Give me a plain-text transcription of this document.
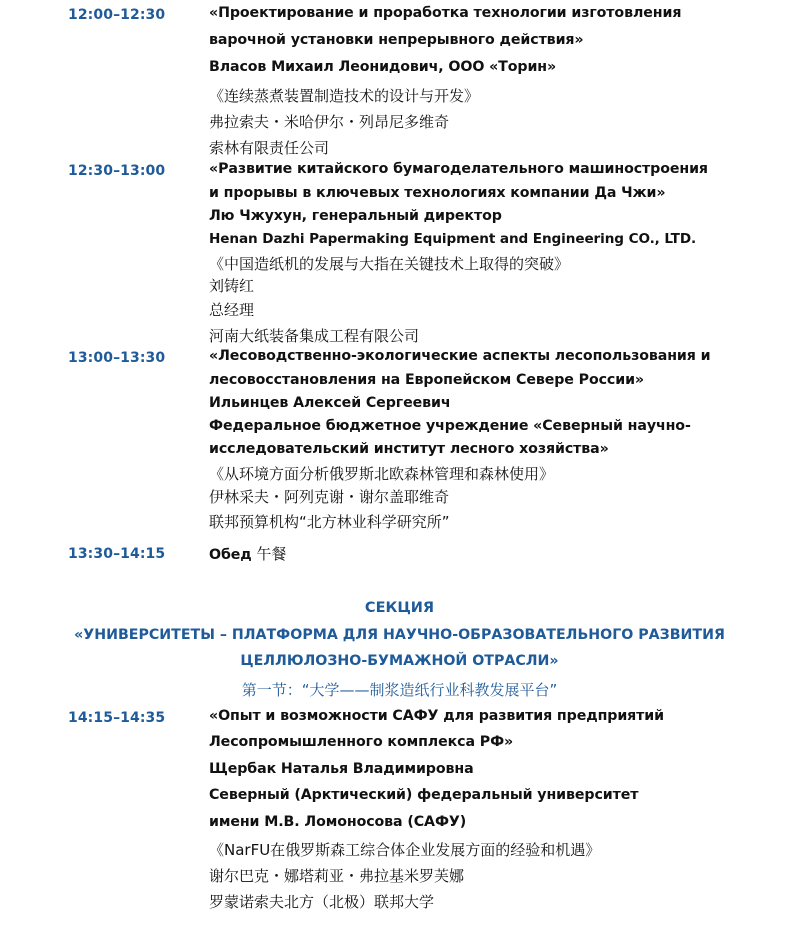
12:00–12:30	«Проектирование и проработка технологии изготовления
варочной установки непрерывного действия»
Власов Михаил Леонидович, ООО «Торин»
《连续蒸煮装置制造技术的设计与开发》
弗拉索夫・米哈伊尔・列昂尼多维奇
索林有限责任公司
12:30–13:00	«Развитие китайского бумагоделательного машиностроения
и прорывы в ключевых технологиях компании Да Чжи»
Лю Чжухун, генеральный директор
Henan Dazhi Papermaking Equipment and Engineering CO., LTD.
《中国造纸机的发展与大指在关键技术上取得的突破》
刘铸红
总经理
河南大纸装备集成工程有限公司
13:00–13:30	«Лесоводственно-экологические аспекты лесопользования и
лесовосстановления на Европейском Севере России»
Ильинцев Алексей Сергеевич
Федеральное бюджетное учреждение «Северный научно-
исследовательский институт лесного хозяйства»
《从环境方面分析俄罗斯北欧森林管理和森林使用》
伊林采夫・阿列克谢・谢尔盖耶维奇
联邦预算机构“北方林业科学研究所”
13:30–14:15	Обед 午餐
СЕКЦИЯ
«УНИВЕРСИТЕТЫ – ПЛАТФОРМА ДЛЯ НАУЧНО-ОБРАЗОВАТЕЛЬНОГО РАЗВИТИЯ
ЦЕЛЛЮЛОЗНО-БУМАЖНОЙ ОТРАСЛИ»
第一节：“大学——制浆造纸行业科教发展平台”
14:15–14:35	«Опыт и возможности САФУ для развития предприятий
Лесопромышленного комплекса РФ»
Щербак Наталья Владимировна
Северный (Арктический) федеральный университет
имени М.В. Ломоносова (САФУ)
《NarFU在俄罗斯森工综合体企业发展方面的经验和机遇》
谢尔巴克・娜塔莉亚・弗拉基米罗芙娜
罗蒙诺索夫北方（北极）联邦大学
